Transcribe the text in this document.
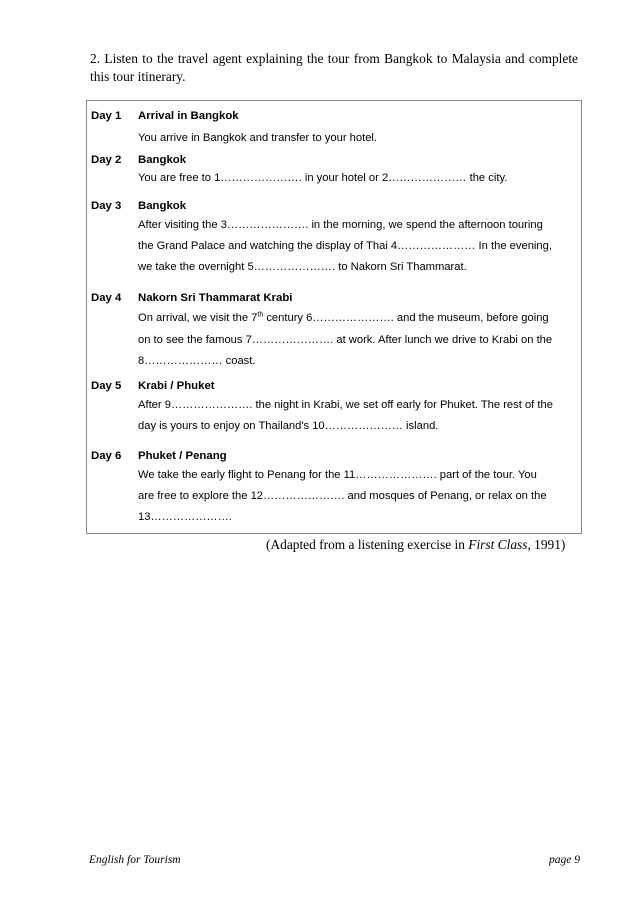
2. Listen to the travel agent explaining the tour from Bangkok to Malaysia and complete this tour itinerary.
Day 1 Arrival in Bangkok
You arrive in Bangkok and transfer to your hotel.
Day 2 Bangkok
You are free to 1…………………. in your hotel or 2………………… the city.
Day 3 Bangkok
After visiting the 3…………………. in the morning, we spend the afternoon touring
the Grand Palace and watching the display of Thai 4………………… In the evening,
we take the overnight 5…………………. to Nakorn Sri Thammarat.
Day 4 Nakorn Sri Thammarat Krabi
On arrival, we visit the 7th century 6…………………. and the museum, before going
on to see the famous 7…………………. at work. After lunch we drive to Krabi on the
8………………… coast.
Day 5 Krabi / Phuket
After 9…………………. the night in Krabi, we set off early for Phuket. The rest of the
day is yours to enjoy on Thailand's 10………………… island.
Day 6 Phuket / Penang
We take the early flight to Penang for the 11…………………. part of the tour. You
are free to explore the 12…………………. and mosques of Penang, or relax on the
13………………….
(Adapted from a listening exercise in First Class, 1991)
English for Tourism	page 9
